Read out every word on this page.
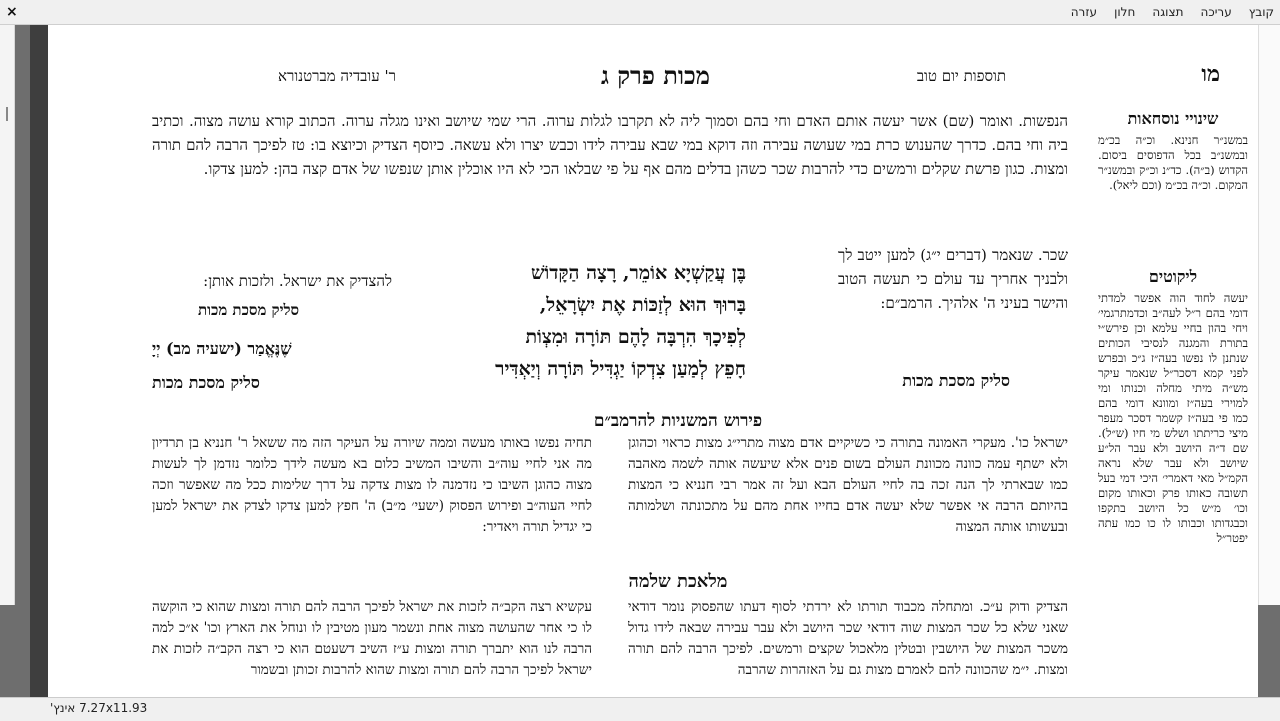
קובץ עריכה תצוגה חלון עזרה
×
מו
תוספות יום טוב
מכות פרק ג
ר' עובדיה מברטנורא
שינויי נוסחאות
במשנ״ר חנינא. וכ״ה בכ״מ ובמשנ״ב בכל הדפוסים ביסום. הקדוש (ב״ה). כד״נ וכ״ק ובמשנ״ר המקום. וכ״ה בכ״מ (וכם ליאל).
ליקוטים
יעשה לחוד הוה אפשר למדתי דומי בהם ר״ל לעה״ב וכדמתרגמי׳ ויחי בהון בחיי עלמא וכן פירש״י בתורת והמגנה לנסיבי הכותים שנתנן לו נפשו בעה״ז ג״כ ובפרש לפני קמא דסכר״ל שנאמר עיקר מש״ה מיתי מחלה וכנותו ומי למוירי בעה״ז ומוונא דומי בהם כמו פי בעה״ז קשמר דסכר מעפר מיצי כריתתו ושלש מי חיו (ש״ל). שם ד״ה היושב ולא עבר הל״ע שיושב ולא עבר שלא נראה הקמ״ל מאי דאמרי׳ היכי דמי בעל תשובה כאותו פרק וכאותו מקום וכו׳ מ״ש כל היושב בתקפו וכבגדותו וכבותו לו כו כמו עתה יפטר״ל
הנפשות. ואומר (שם) אשר יעשה אותם האדם וחי בהם וסמוך ליה לא תקרבו לגלות ערוה. הרי שמי שיושב ואינו מגלה ערוה. הכתוב קורא עושה מצוה. וכתיב ביה וחי בהם. כדרך שהענוש כרת במי שעושה עבירה וזה דוקא במי שבא עבירה לידו וכבש יצרו ולא עשאה. כיוסף הצדיק וכיוצא בו: טז לפיכך הרבה להם תורה ומצות. כגון פרשת שקלים ורמשים כדי להרבות שכר כשהן בדלים מהם אף על פי שבלאו הכי לא היו אוכלין אותן שנפשו של אדם קצה בהן: למען צדקו.
שכר. שנאמר (דברים י״ג) למען ייטב לך ולבניך אחריך עד עולם כי תעשה הטוב והישר בעיני ה' אלהיך. הרמב״ם:
סליק מסכת מכות
בֶּן עֲקַשְׁיָא אוֹמֵר, רָצָה הַקָּדוֹשׁ
בָּרוּךְ הוּא לְזַכּוֹת אֶת יִשְׂרָאֵל,
לְפִיכָךְ הִרְבָּה לָהֶם תּוֹרָה וּמִצְוֹת
חָפֵץ לְמַעַן צִדְקוֹ יַגְדִּיל תּוֹרָה וְיַאְדִּיר
להצדיק את ישראל. ולזכות אותן:
סליק מסכת מכות
שֶׁנֶּאֱמַר (ישעיה מב) יְיָ
סליק מסכת מכות
פירוש המשניות להרמב״ם
ישראל כו'. מעקרי האמונה בתורה כי כשיקיים אדם מצוה מתרי״ג מצות כראוי וכהוגן ולא ישתף עמה כוונה מכוונת העולם בשום פנים אלא שיעשה אותה לשמה מאהבה כמו שבארתי לך הנה זכה בה לחיי העולם הבא ועל זה אמר רבי חנניא כי המצות בהיותם הרבה אי אפשר שלא יעשה אדם בחייו אחת מהם על מתכונתה ושלמותה ובעשותו אותה המצוה
תחיה נפשו באותו מעשה וממה שיורה על העיקר הזה מה ששאל ר' חנניא בן תרדיון מה אני לחיי עוה״ב והשיבו המשיב כלום בא מעשה לידך כלומר נזדמן לך לעשות מצוה כהוגן השיבו כי נזדמנה לו מצות צדקה על דרך שלימות ככל מה שאפשר וזכה לחיי העוה״ב ופירוש הפסוק (ישעי׳ מ״ב) ה' חפץ למען צדקו לצדק את ישראל למען כי יגדיל תורה ויאדיר:
מלאכת שלמה
הצדיק ודוק ע״כ. ומתחלה מכבוד תורתו לא ירדתי לסוף דעתו שהפסוק נומר דודאי שאני שלא כל שכר המצות שוה דודאי שכר היושב ולא עבר עבירה שבאה לידו גדול משכר המצות של היושבין ובטלין מלאכול שקצים ורמשים. לפיכך הרבה להם תורה ומצות. י״מ שהכוונה להם לאמרם מצות גם על האזהרות שהרבה
עקשיא רצה הקב״ה לזכות את ישראל לפיכך הרבה להם תורה ומצות שהוא כי הוקשה לו כי אחר שהעושה מצוה אחת ונשמר מעון מטיבין לו ונוחל את הארץ וכו' א״כ למה הרבה לנו הוא יתברך תורה ומצות ע״ז השיב דשעטם הוא כי רצה הקב״ה לזכות את ישראל לפיכך הרבה להם תורה ומצות שהוא להרבות זכותן ובשמור
7.27x11.93 אינץ'
